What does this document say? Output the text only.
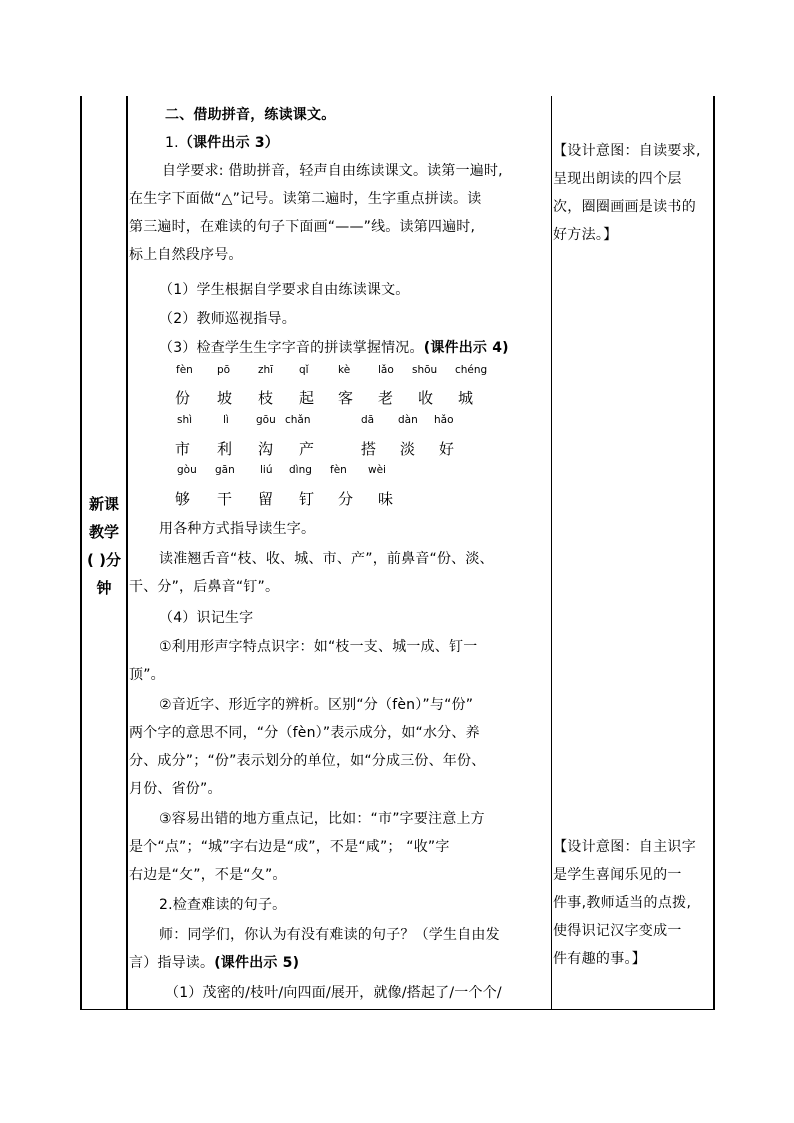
新课
教学
( )分
钟
二、借助拼音，练读课文。
1.（课件出示 3）
自学要求: 借助拼音，轻声自由练读课文。读第一遍时,
在生字下面做“△”记号。读第二遍时，生字重点拼读。读
第三遍时，在难读的句子下面画“——”线。读第四遍时,
标上自然段序号。
（1）学生根据自学要求自由练读课文。
（2）教师巡视指导。
（3）检查学生生字字音的拼读掌握情况。(课件出示 4)
fèn pō	zhī qǐ	kè	lǎo shōu chéng
份 坡 枝 起 客 老 收 城
shì	lì	gōu chǎn	dā dàn hǎo
市 利 沟 产	搭 淡 好
gòu gān liú dìng fèn wèi
够 干 留 钉 分 味
用各种方式指导读生字。
读准翘舌音“枝、收、城、市、产”，前鼻音“份、淡、
干、分”，后鼻音“钉”。
（4）识记生字
①利用形声字特点识字：如“枝一支、城一成、钉一
顶”。
②音近字、形近字的辨析。区别“分（fèn）”与“份”
两个字的意思不同，“分（fèn）”表示成分，如“水分、养
分、成分”；“份”表示划分的单位，如“分成三份、年份、
月份、省份”。
③容易出错的地方重点记，比如：“市”字要注意上方
是个“点”；“城”字右边是“成”，不是“咸”； “收”字
右边是“攵”，不是“夂”。
2.检查难读的句子。
师：同学们，你认为有没有难读的句子？（学生自由发
言）指导读。(课件出示 5)
（1）茂密的/枝叶/向四面/展开，就像/搭起了/一个个/
【设计意图：自读要求,
呈现出朗读的四个层
次，圈圈画画是读书的
好方法。】
【设计意图：自主识字
是学生喜闻乐见的一
件事,教师适当的点拨,
使得识记汉字变成一
件有趣的事。】
